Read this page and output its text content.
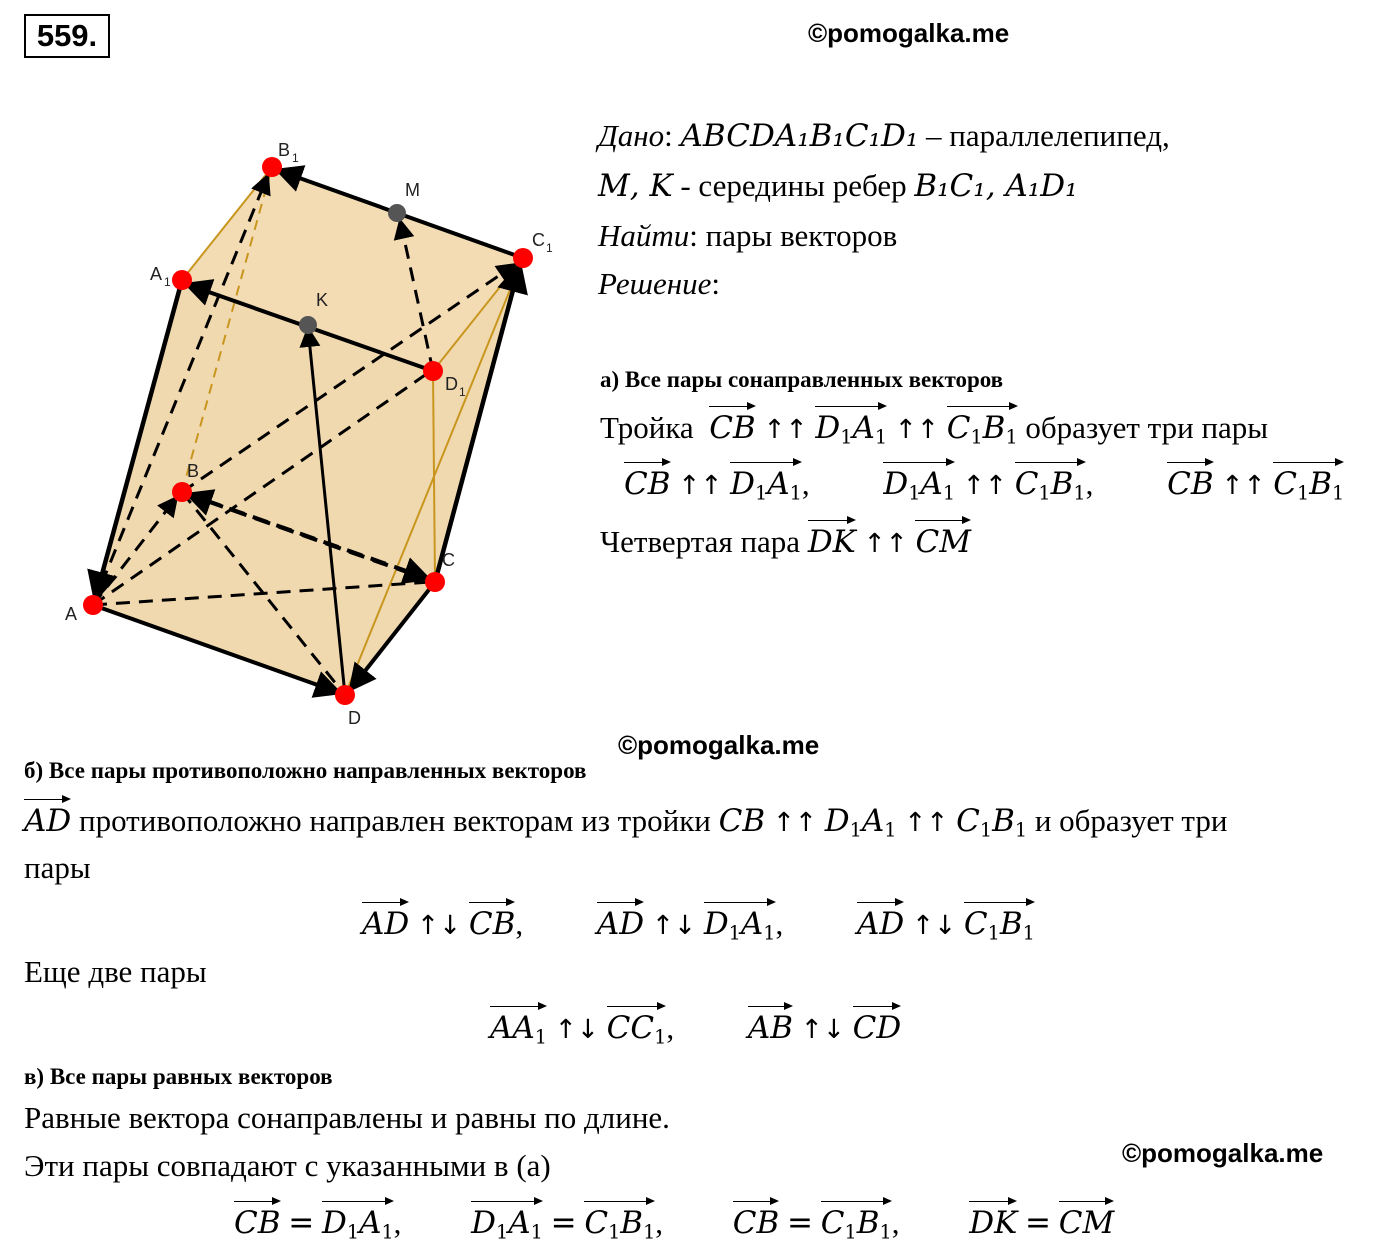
559.	©pomogalka.me
©pomogalka.me
©pomogalka.me
A
B
C
D
A 1
B 1
C 1
D 1
M
K
Дано: ABCDA₁B₁C₁D₁ – параллелепипед,
M, K - середины ребер B₁C₁, A₁D₁
Найти: пары векторов
Решение:
а) Все пары сонаправленных векторов
Тройка CB ↑↑ $D_1A_1$ ↑↑ $C_1B_1$ образует три пары
CB ↑↑ $D_1A_1$, $D_1A_1$ ↑↑ $C_1B_1$, CB ↑↑ $C_1B_1$
Четвертая пара DK ↑↑ CM
б) Все пары противоположно направленных векторов
AD противоположно направлен векторам из тройки CB ↑↑ $D_1A_1$ ↑↑ $C_1B_1$ и образует три
пары
AD ↑↓ CB, AD ↑↓ $D_1A_1$, AD ↑↓ $C_1B_1$
Еще две пары
$AA_1$ ↑↓ $CC_1$, AB ↑↓ CD
в) Все пары равных векторов
Равные вектора сонаправлены и равны по длине.
Эти пары совпадают с указанными в (а)
CB = $D_1A_1$, $D_1A_1 = C_1B_1$, CB = $C_1B_1$, DK = CM
